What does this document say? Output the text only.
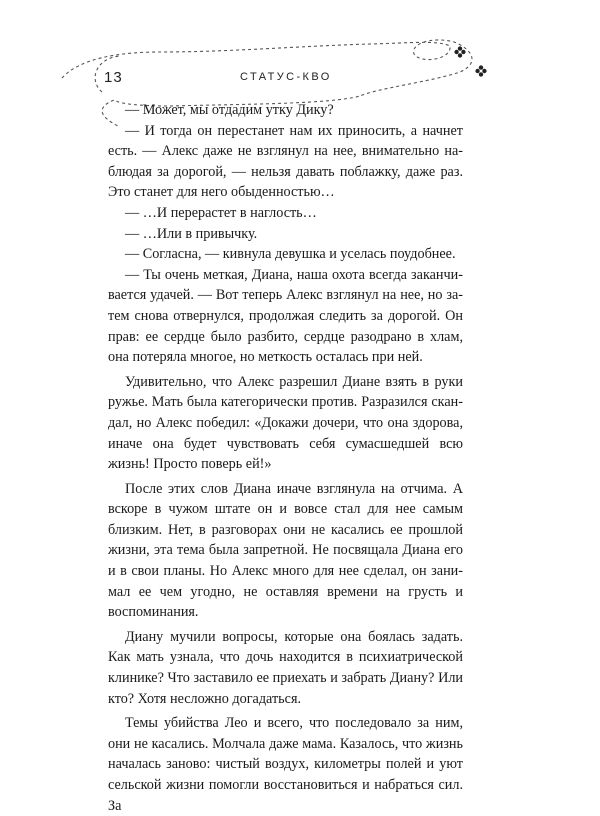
13	СТАТУС-КВО

— Может, мы отдадим утку Дику?

— И тогда он перестанет нам их приносить, а начнет есть. — Алекс даже не взглянул на нее, внимательно наблюдая за дорогой, — нельзя давать поблажку, даже раз. Это станет для него обыденностью…

— …И перерастет в наглость…

— …Или в привычку.

— Согласна, — кивнула девушка и уселась поудобнее.

— Ты очень меткая, Диана, наша охота всегда заканчивается удачей. — Вот теперь Алекс взглянул на нее, но затем снова отвернулся, продолжая следить за дорогой. Он прав: ее сердце было разбито, сердце разодрано в хлам, она потеряла многое, но меткость осталась при ней.

Удивительно, что Алекс разрешил Диане взять в руки ружье. Мать была категорически против. Разразился скандал, но Алекс победил: «Докажи дочери, что она здорова, иначе она будет чувствовать себя сумасшедшей всю жизнь! Просто поверь ей!»

После этих слов Диана иначе взглянула на отчима. А вскоре в чужом штате он и вовсе стал для нее самым близким. Нет, в разговорах они не касались ее прошлой жизни, эта тема была запретной. Не посвящала Диана его и в свои планы. Но Алекс много для нее сделал, он занимал ее чем угодно, не оставляя времени на грусть и воспоминания.

Диану мучили вопросы, которые она боялась задать. Как мать узнала, что дочь находится в психиатрической клинике? Что заставило ее приехать и забрать Диану? Или кто? Хотя несложно догадаться.

Темы убийства Лео и всего, что последовало за ним, они не касались. Молчала даже мама. Казалось, что жизнь началась заново: чистый воздух, километры полей и уют сельской жизни помогли восстановиться и набраться сил. За
